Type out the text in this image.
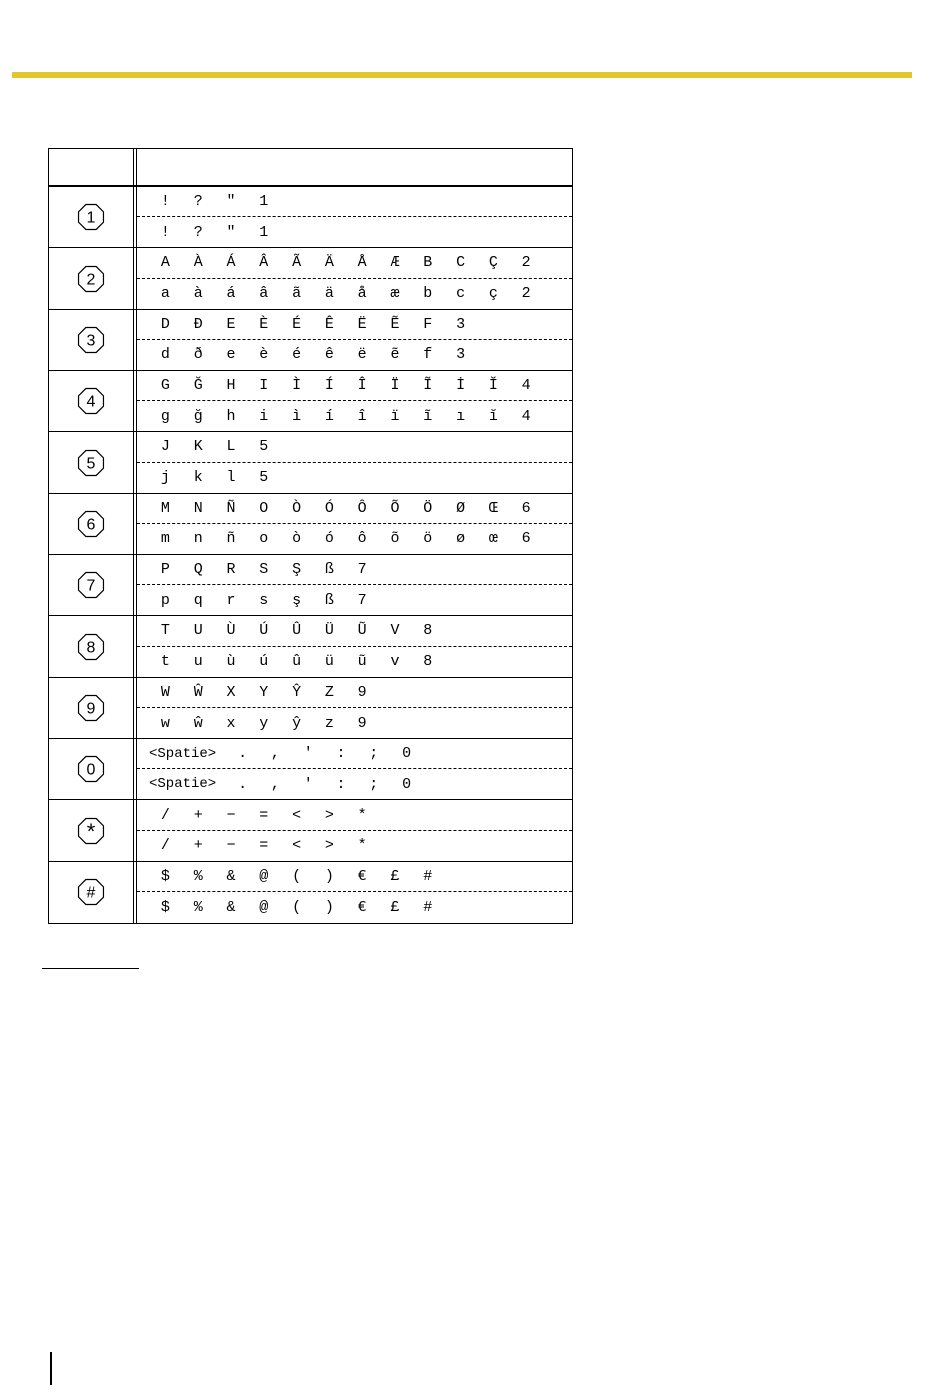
1
!	?	"	1
!	?	"	1
2
A	À	Á	Â	Ã	Ä	Å	Æ	B	C	Ç	2
a	à	á	â	ã	ä	å	æ	b	c	ç	2
3
D	Đ	E	È	É	Ê	Ë	Ẽ	F	3
d	ð	e	è	é	ê	ë	ẽ	f	3
4
G	Ğ	H	I	Ì	Í	Î	Ï	Ĩ	İ	Ĭ	4
g	ğ	h	i	ì	í	î	ï	ĩ	ı	ĭ	4
5
J	K	L	5
j	k	l	5
6
M	N	Ñ	O	Ò	Ó	Ô	Õ	Ö	Ø	Œ	6
m	n	ñ	o	ò	ó	ô	õ	ö	ø	œ	6
7
P	Q	R	S	Ş	ß	7
p	q	r	s	ş	ß	7
8
T	U	Ù	Ú	Û	Ü	Ũ	V	8
t	u	ù	ú	û	ü	ũ	v	8
9
W	Ŵ	X	Y	Ŷ	Z	9
w	ŵ	x	y	ŷ	z	9
0
<Spatie>	.	,	'	:	;	0
<Spatie>	.	,	'	:	;	0
*
/	+	−	=	<	>	*
/	+	−	=	<	>	*
#
$	%	&	@	(	)	€	£	#
$	%	&	@	(	)	€	£	#
